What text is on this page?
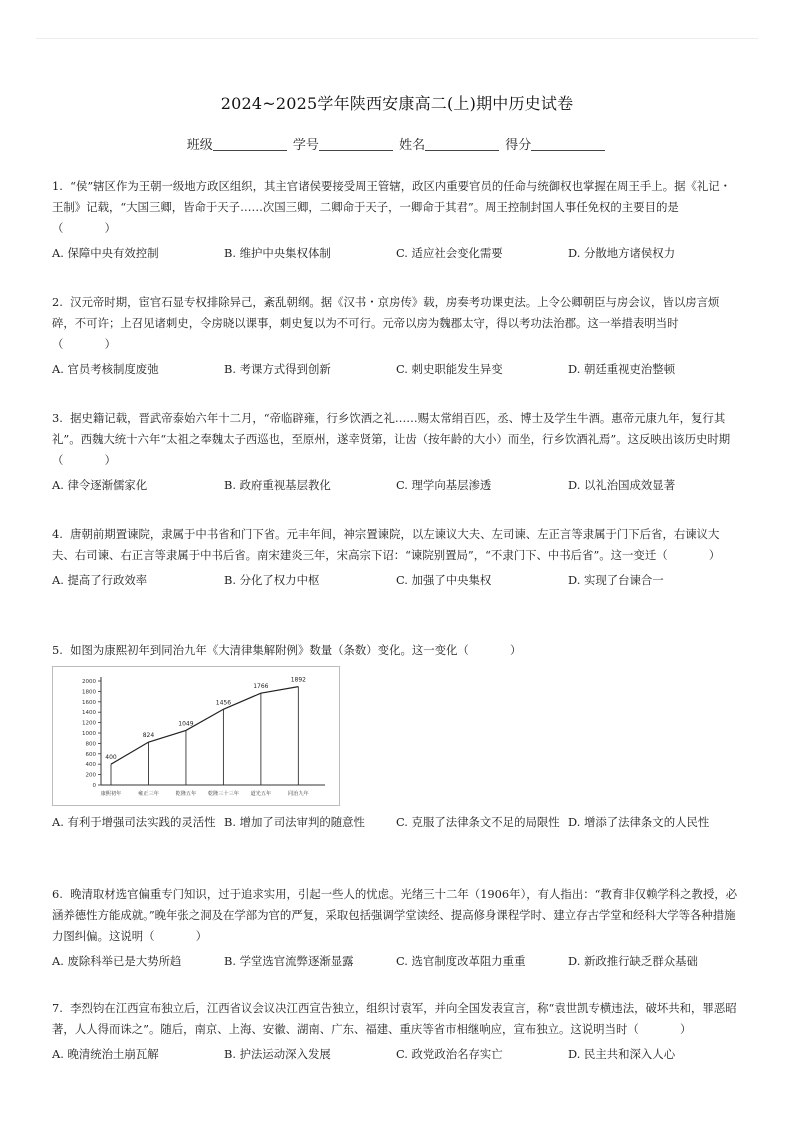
2024~2025学年陕西安康高二(上)期中历史试卷
班级	学号	姓名	得分
1. “侯”辖区作为王朝一级地方政区组织，其主官诸侯要接受周王管辖，政区内重要官员的任命与统御权也掌握在周王手上。据《礼记・王制》记载，“大国三卿，皆命于天子……次国三卿，二卿命于天子，一卿命于其君”。周王控制封国人事任免权的主要目的是（ ）
A. 保障中央有效控制	B. 维护中央集权体制	C. 适应社会变化需要	D. 分散地方诸侯权力
2. 汉元帝时期，宦官石显专权排除异己，紊乱朝纲。据《汉书・京房传》载，房奏考功课吏法。上令公卿朝臣与房会议，皆以房言烦碎，不可许；上召见诸刺史，令房晓以课事，刺史复以为不可行。元帝以房为魏郡太守，得以考功法治郡。这一举措表明当时（ ）
A. 官员考核制度废弛	B. 考课方式得到创新	C. 刺史职能发生异变	D. 朝廷重视吏治整顿
3. 据史籍记载，晋武帝泰始六年十二月，“帝临辟雍，行乡饮酒之礼……赐太常绢百匹，丞、博士及学生牛酒。惠帝元康九年，复行其礼”。西魏大统十六年“太祖之奉魏太子西巡也，至原州，遂幸贤第，让齿（按年龄的大小）而坐，行乡饮酒礼焉”。这反映出该历史时期（ ）
A. 律令逐渐儒家化	B. 政府重视基层教化	C. 理学向基层渗透	D. 以礼治国成效显著
4. 唐朝前期置谏院，隶属于中书省和门下省。元丰年间，神宗置谏院，以左谏议大夫、左司谏、左正言等隶属于门下后省，右谏议大夫、右司谏、右正言等隶属于中书后省。南宋建炎三年，宋高宗下诏：“谏院别置局”，“不隶门下、中书后省”。这一变迁（ ）
A. 提高了行政效率	B. 分化了权力中枢	C. 加强了中央集权	D. 实现了台谏合一
5. 如图为康熙初年到同治九年《大清律集解附例》数量（条数）变化。这一变化（ ）
0
200
400
600
800
1000
1200
1400
1600
1800
2000
康熙初年	雍正三年	乾隆五年 乾隆三十三年 道光五年	同治九年
400
824
1049
1456
1766
1892
A. 有利于增强司法实践的灵活性 B. 增加了司法审判的随意性	C. 克服了法律条文不足的局限性 D. 增添了法律条文的人民性
6. 晚清取材选官偏重专门知识，过于追求实用，引起一些人的忧虑。光绪三十二年（1906年），有人指出：“教育非仅赖学科之教授，必涵养德性方能成就。”晚年张之洞及在学部为官的严复，采取包括强调学堂读经、提高修身课程学时、建立存古学堂和经科大学等各种措施力图纠偏。这说明（ ）
A. 废除科举已是大势所趋	B. 学堂选官流弊逐渐显露	C. 选官制度改革阻力重重	D. 新政推行缺乏群众基础
7. 李烈钧在江西宣布独立后，江西省议会议决江西宣告独立，组织讨袁军，并向全国发表宣言，称“袁世凯专横违法，破坏共和，罪恶昭著，人人得而诛之”。随后，南京、上海、安徽、湖南、广东、福建、重庆等省市相继响应，宣布独立。这说明当时（ ）
A. 晚清统治土崩瓦解	B. 护法运动深入发展	C. 政党政治名存实亡	D. 民主共和深入人心
